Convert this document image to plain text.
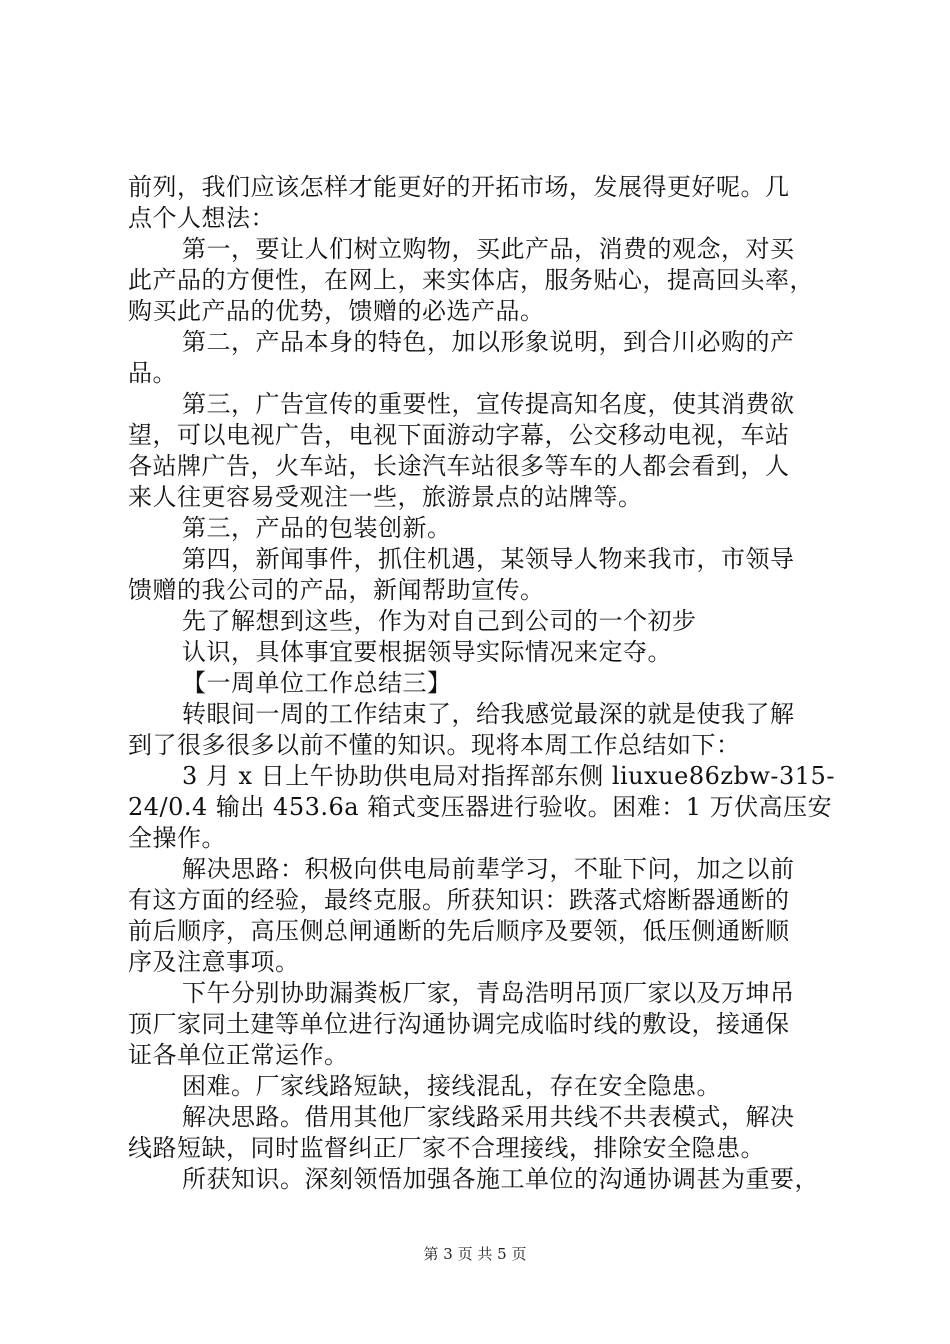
前列，我们应该怎样才能更好的开拓市场，发展得更好呢。几
点个人想法：
第一，要让人们树立购物，买此产品，消费的观念，对买
此产品的方便性，在网上，来实体店，服务贴心，提高回头率，
购买此产品的优势，馈赠的必选产品。
第二，产品本身的特色，加以形象说明，到合川必购的产
品。
第三，广告宣传的重要性，宣传提高知名度，使其消费欲
望，可以电视广告，电视下面游动字幕，公交移动电视，车站
各站牌广告，火车站，长途汽车站很多等车的人都会看到，人
来人往更容易受观注一些，旅游景点的站牌等。
第三，产品的包装创新。
第四，新闻事件，抓住机遇，某领导人物来我市，市领导
馈赠的我公司的产品，新闻帮助宣传。
先了解想到这些，作为对自己到公司的一个初步
认识，具体事宜要根据领导实际情况来定夺。
【一周单位工作总结三】
转眼间一周的工作结束了，给我感觉最深的就是使我了解
到了很多很多以前不懂的知识。现将本周工作总结如下：
3 月 x 日上午协助供电局对指挥部东侧 liuxue86zbw-315-
24/0.4 输出 453.6a 箱式变压器进行验收。困难：1 万伏高压安
全操作。
解决思路：积极向供电局前辈学习，不耻下问，加之以前
有这方面的经验，最终克服。所获知识：跌落式熔断器通断的
前后顺序，高压侧总闸通断的先后顺序及要领，低压侧通断顺
序及注意事项。
下午分别协助漏粪板厂家，青岛浩明吊顶厂家以及万坤吊
顶厂家同土建等单位进行沟通协调完成临时线的敷设，接通保
证各单位正常运作。
困难。厂家线路短缺，接线混乱，存在安全隐患。
解决思路。借用其他厂家线路采用共线不共表模式，解决
线路短缺，同时监督纠正厂家不合理接线，排除安全隐患。
所获知识。深刻领悟加强各施工单位的沟通协调甚为重要，
第 3 页 共 5 页
